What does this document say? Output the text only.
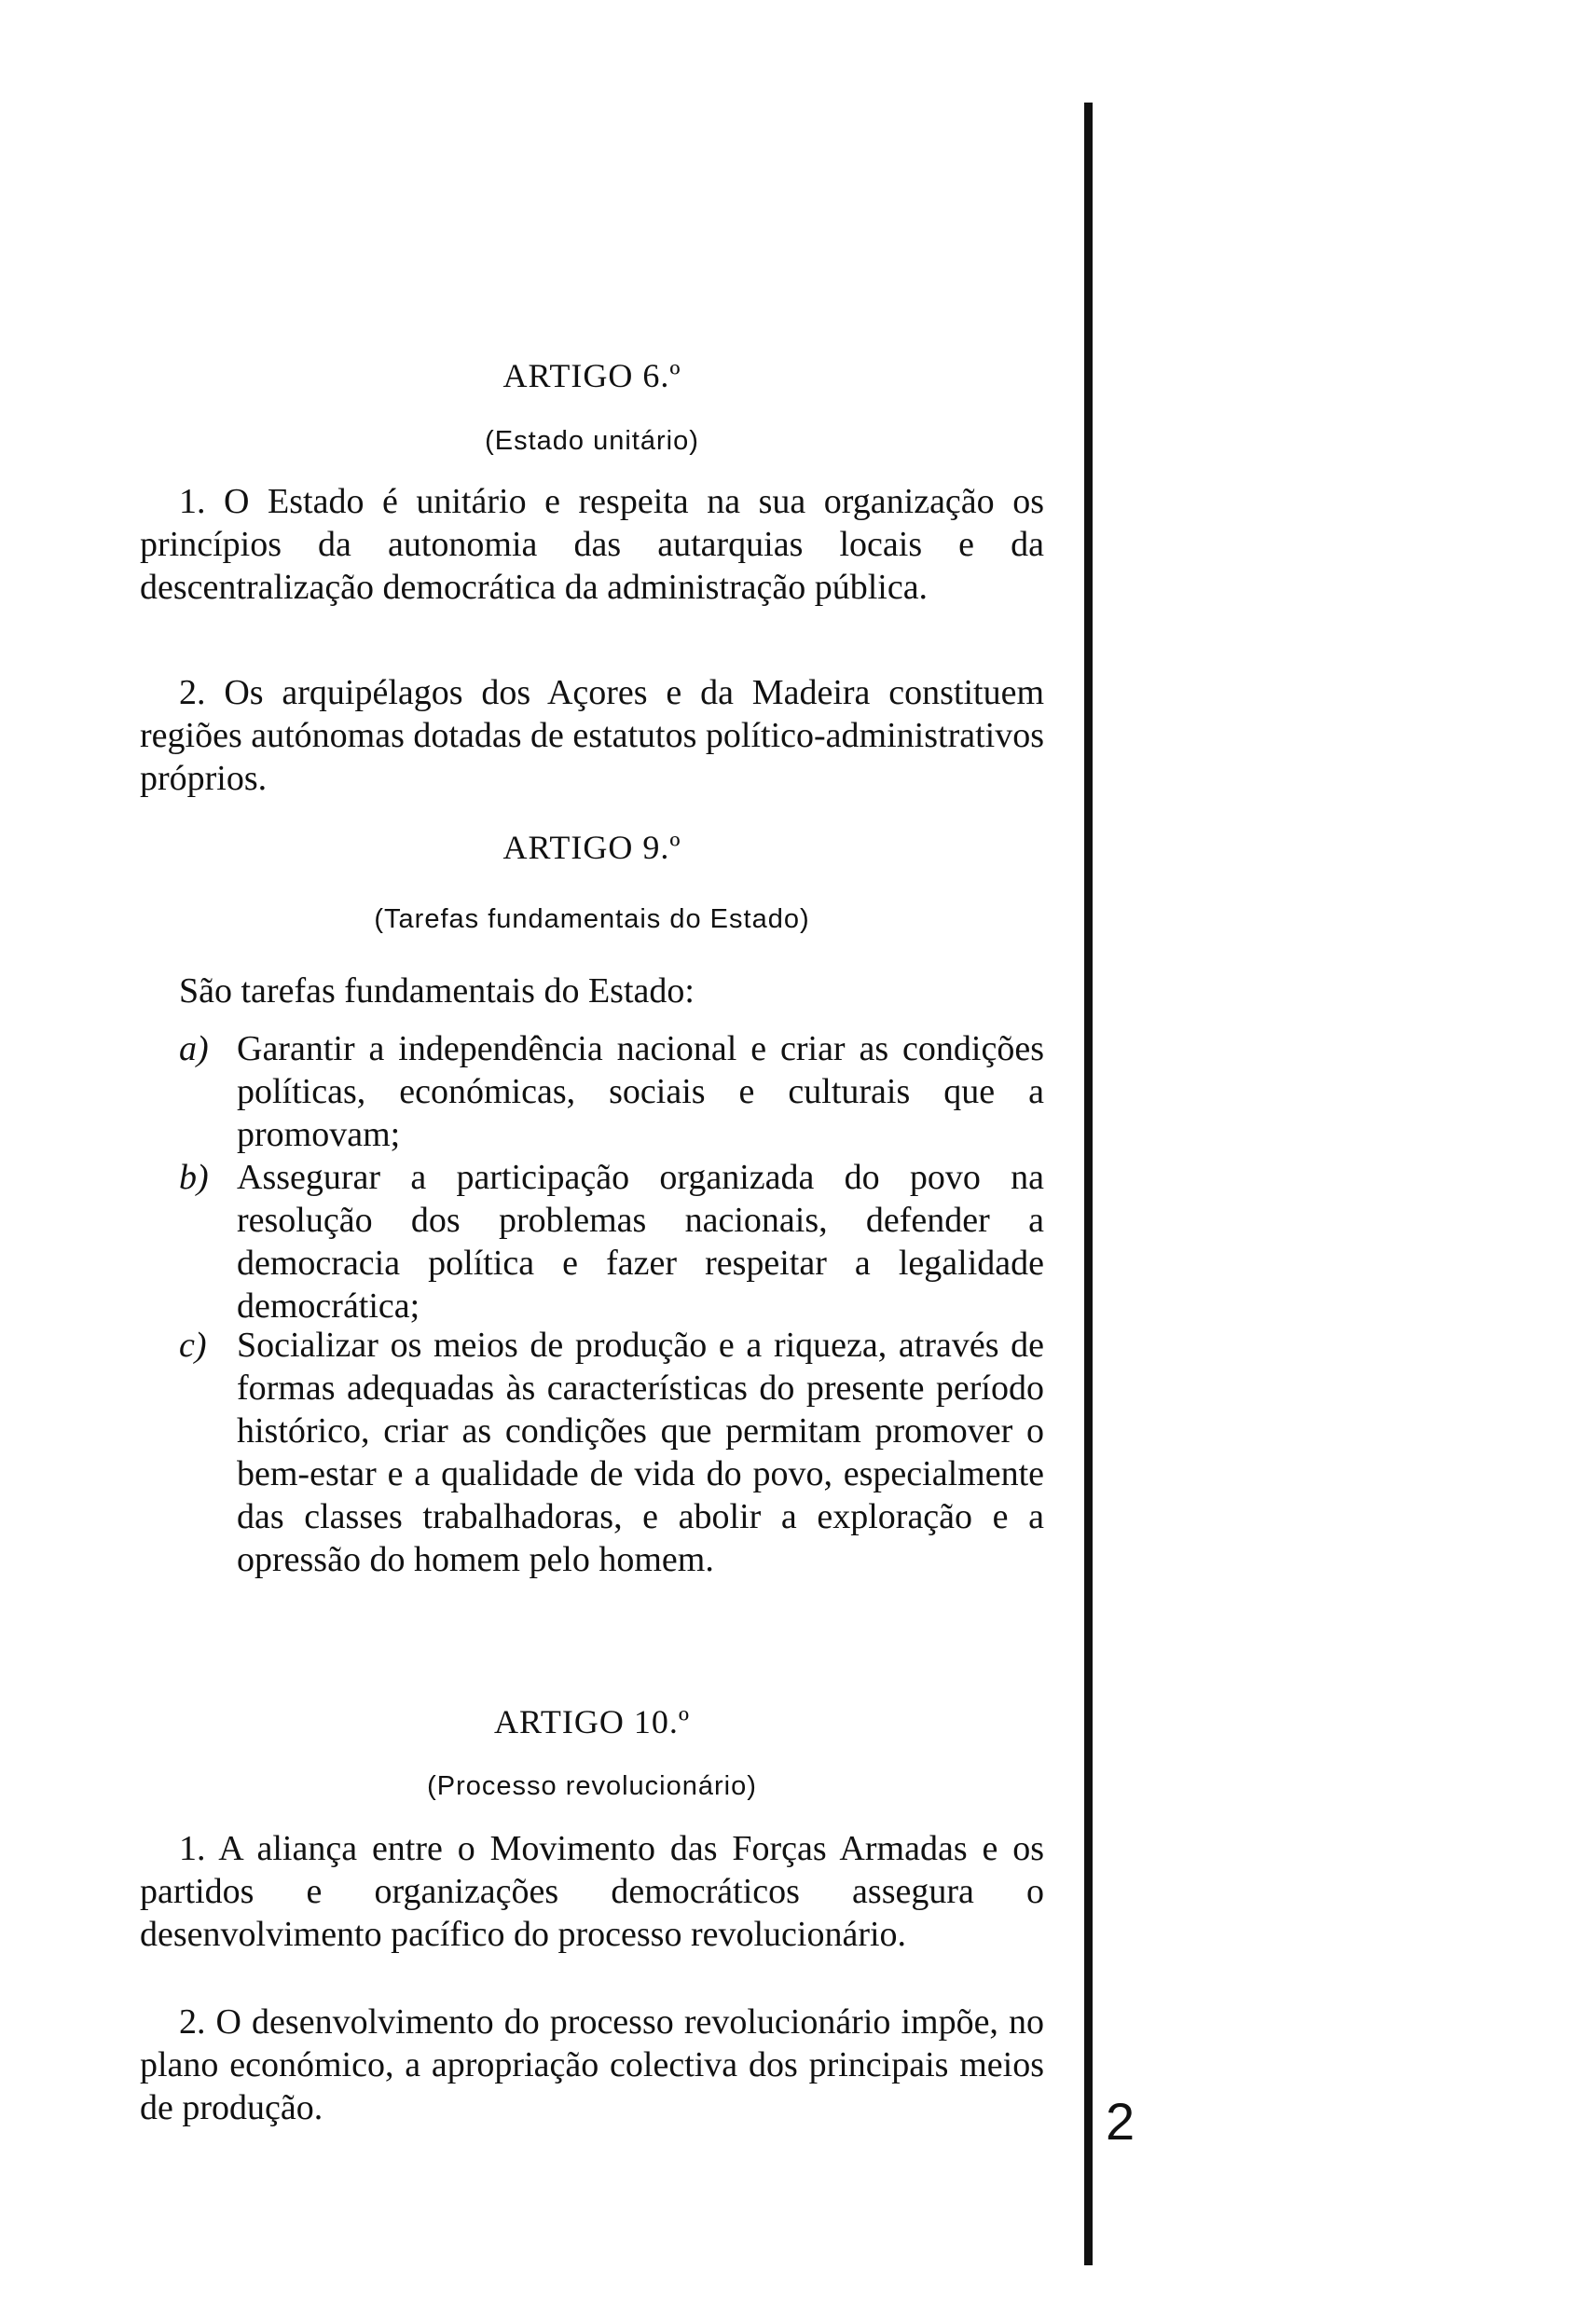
2
ARTIGO 6.º
(Estado unitário)
1. O Estado é unitário e respeita na sua organização os princípios da autonomia das autarquias locais e da descentralização democrática da administração pública.
2. Os arquipélagos dos Açores e da Madeira constituem regiões autónomas dotadas de estatutos político-administrativos próprios.
ARTIGO 9.º
(Tarefas fundamentais do Estado)
São tarefas fundamentais do Estado:
a) Garantir a independência nacional e criar as condições políticas, económicas, sociais e culturais que a promovam;
b) Assegurar a participação organizada do povo na resolução dos problemas nacionais, defender a democracia política e fazer respeitar a legalidade democrática;
c) Socializar os meios de produção e a riqueza, através de formas adequadas às características do presente período histórico, criar as condições que permitam promover o bem-estar e a qualidade de vida do povo, especialmente das classes trabalhadoras, e abolir a exploração e a opressão do homem pelo homem.
ARTIGO 10.º
(Processo revolucionário)
1. A aliança entre o Movimento das Forças Armadas e os partidos e organizações democráticos assegura o desenvolvimento pacífico do processo revolucionário.
2. O desenvolvimento do processo revolucionário impõe, no plano económico, a apropriação colectiva dos principais meios de produção.
